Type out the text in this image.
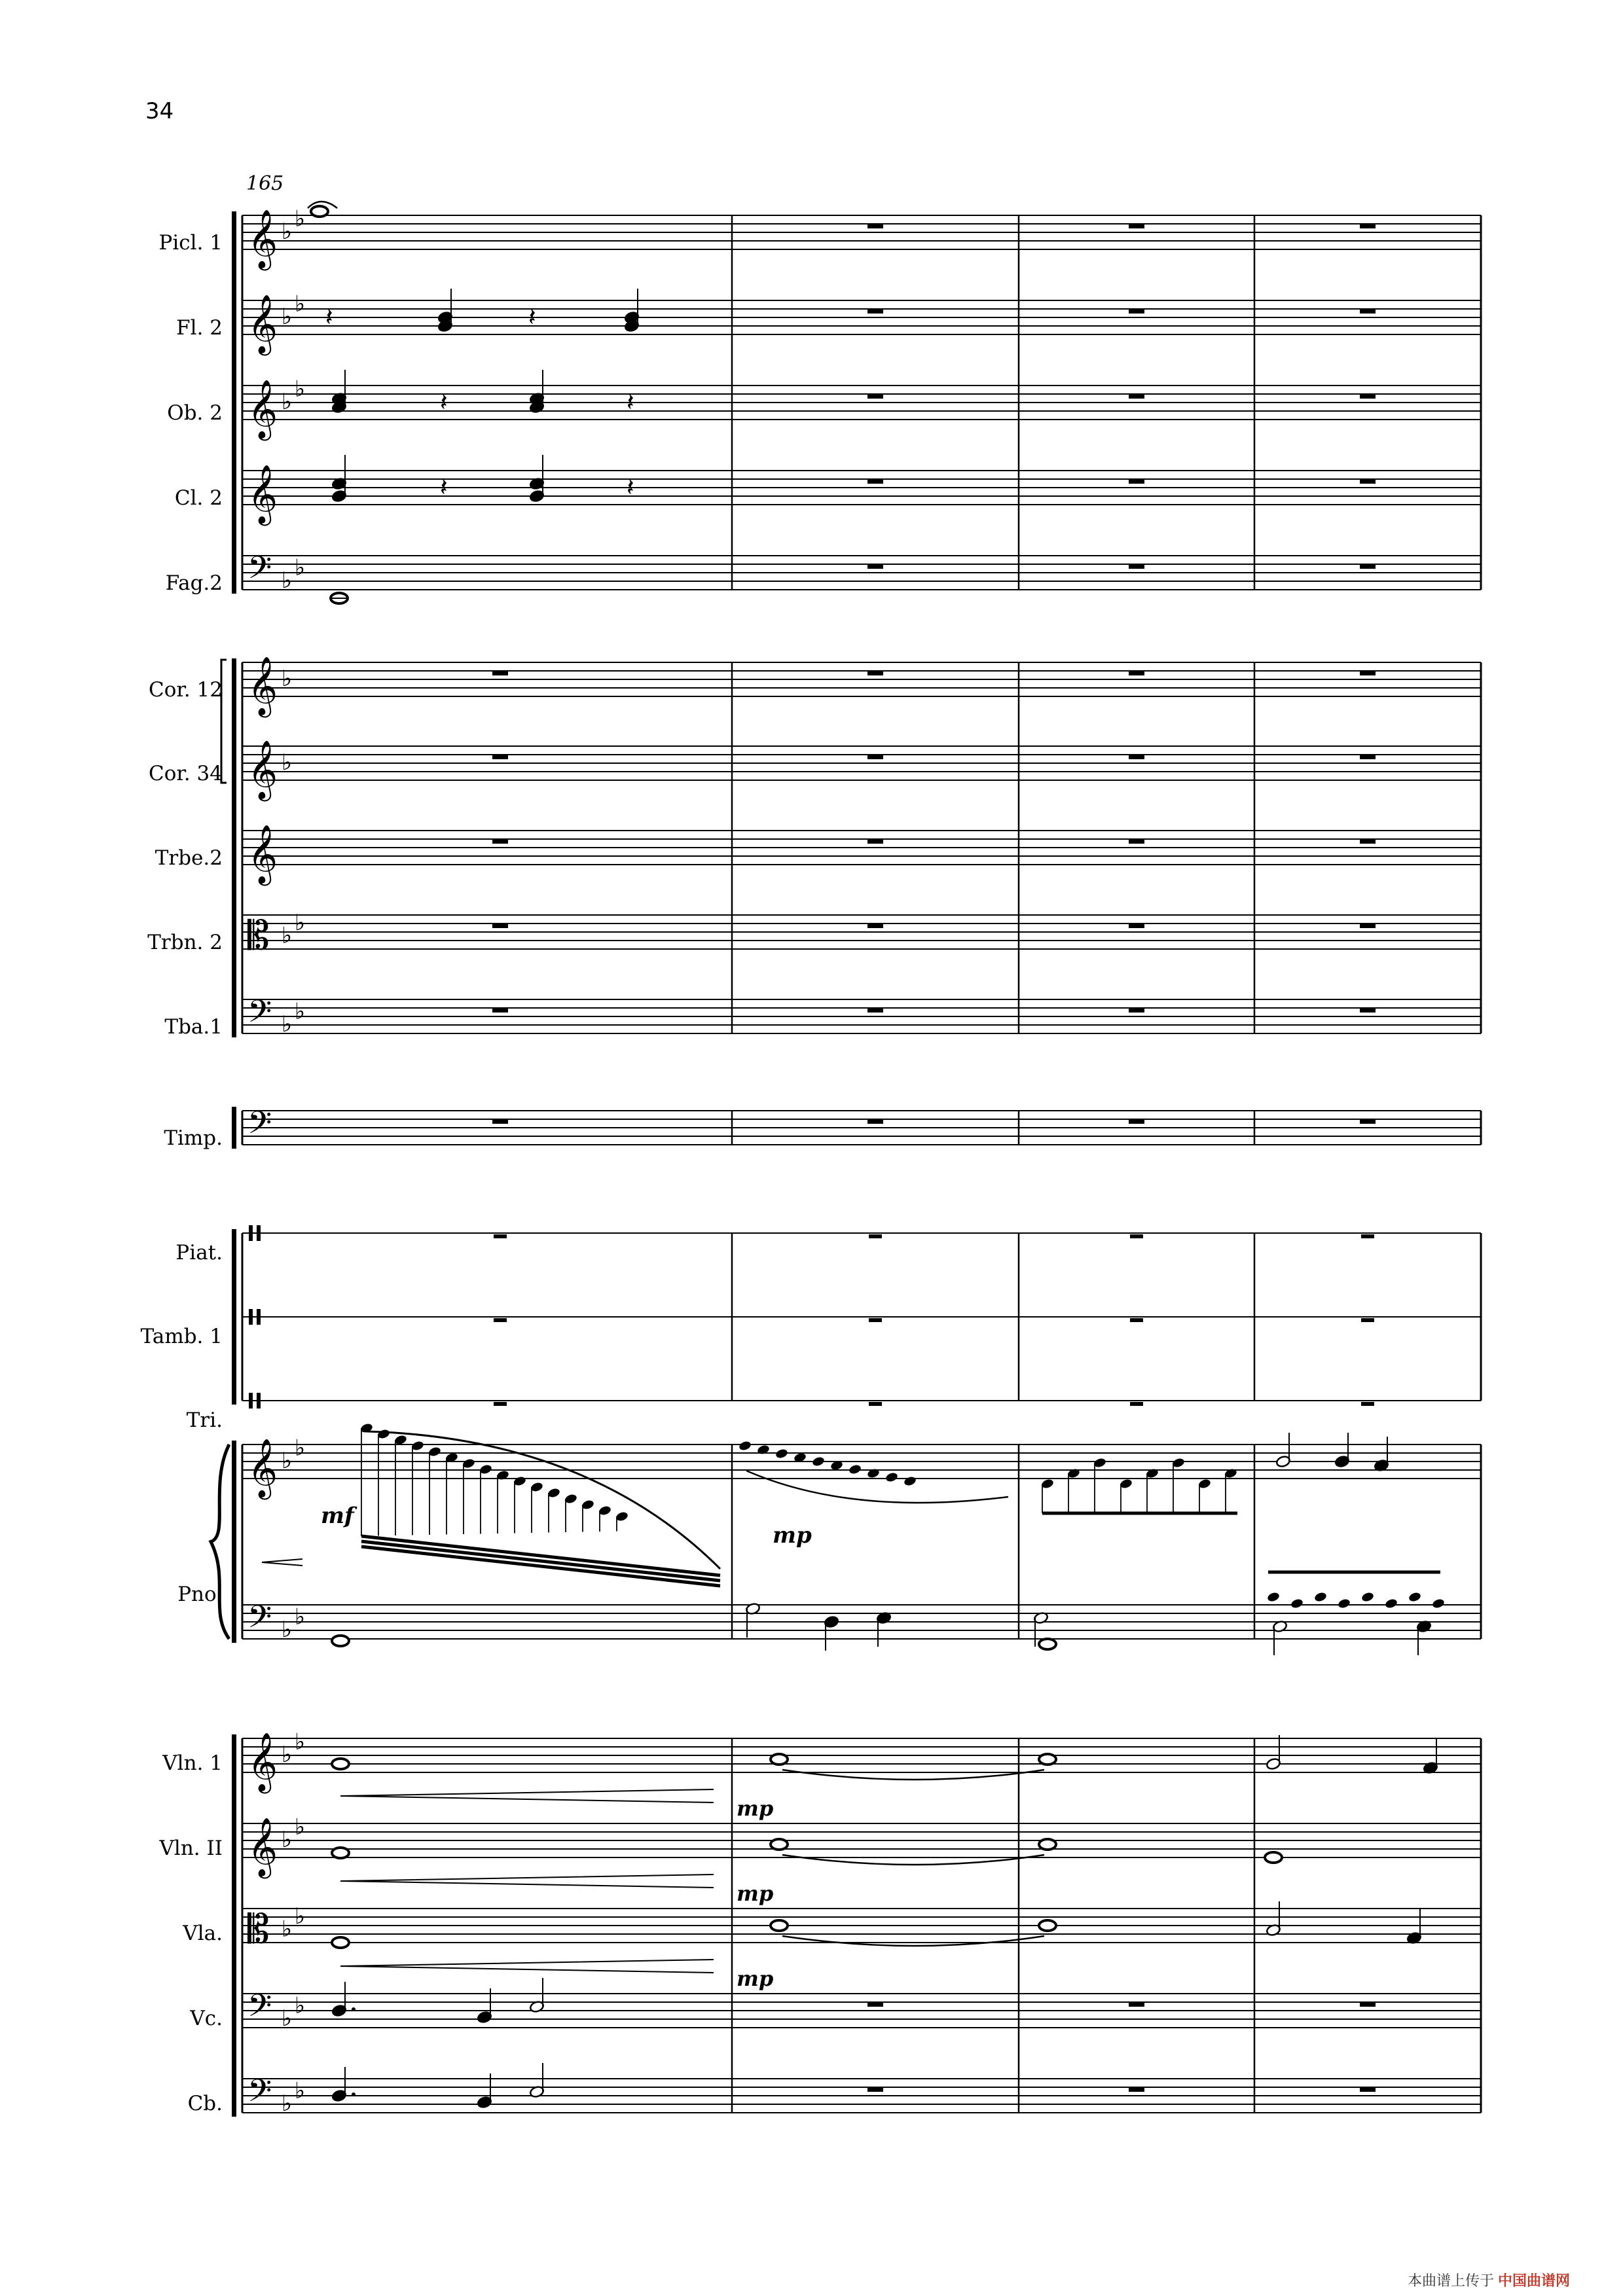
34
Picl. 1
Fl. 2
Ob. 2
Cl. 2
Fag.2
Cor. 12
Cor. 34
Trbe.2
Trbn. 2
Tba.1
Timp.
Piat.
Tamb. 1
Tri.
Pno.
Vln. 1
Vln. II
Vla.
Vc.
Cb.
165
𝄞 ♭ ♭
𝄞 ♭ ♭
𝄞 ♭ ♭
𝄞
𝄢 ♭ ♭
𝄞 ♭
𝄞 ♭
𝄞
𝄡 ♭ ♭
𝄢 ♭ ♭
𝄢
𝄞 ♭ ♭
𝄞 ♭ ♭
𝄡 ♭ ♭
𝄢 ♭ ♭
𝄢 ♭ ♭
𝄞 ♭ ♭
𝄢 ♭ ♭
𝄽	𝄽
𝄽	𝄽
𝄽	𝄽
mf
mp
mp
mp
mp
本曲谱上传于 中国曲谱网
